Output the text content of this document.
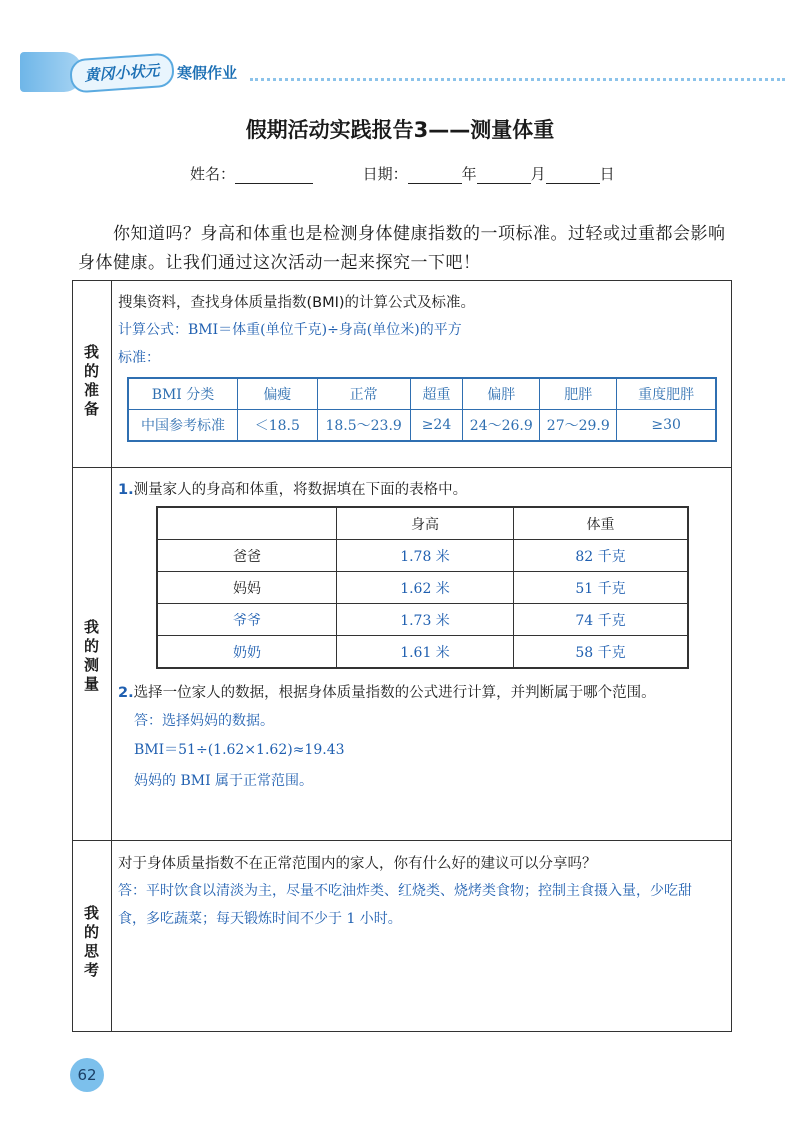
黄冈小状元	寒假作业
假期活动实践报告3——测量体重
姓名：	日期：	年	月	日
你知道吗？身高和体重也是检测身体健康指数的一项标准。过轻或过重都会影响身体健康。让我们通过这次活动一起来探究一下吧！
我
的
准
备
搜集资料，查找身体质量指数(BMI)的计算公式及标准。
计算公式：BMI＝体重(单位千克)÷身高(单位米)的平方
标准：
BMI 分类	偏瘦	正常	超重	偏胖	肥胖	重度肥胖
中国参考标准	＜18.5	18.5～23.9	≥24	24～26.9	27～29.9	≥30
我
的
测
量
1.测量家人的身高和体重，将数据填在下面的表格中。
	身高	体重
爸爸	1.78 米	82 千克
妈妈	1.62 米	51 千克
爷爷	1.73 米	74 千克
奶奶	1.61 米	58 千克
2.选择一位家人的数据，根据身体质量指数的公式进行计算，并判断属于哪个范围。
答：选择妈妈的数据。
BMI＝51÷(1.62×1.62)≈19.43
妈妈的 BMI 属于正常范围。
我
的
思
考
对于身体质量指数不在正常范围内的家人，你有什么好的建议可以分享吗？
答：平时饮食以清淡为主，尽量不吃油炸类、红烧类、烧烤类食物；控制主食摄入量，少吃甜
食，多吃蔬菜；每天锻炼时间不少于 1 小时。
62
